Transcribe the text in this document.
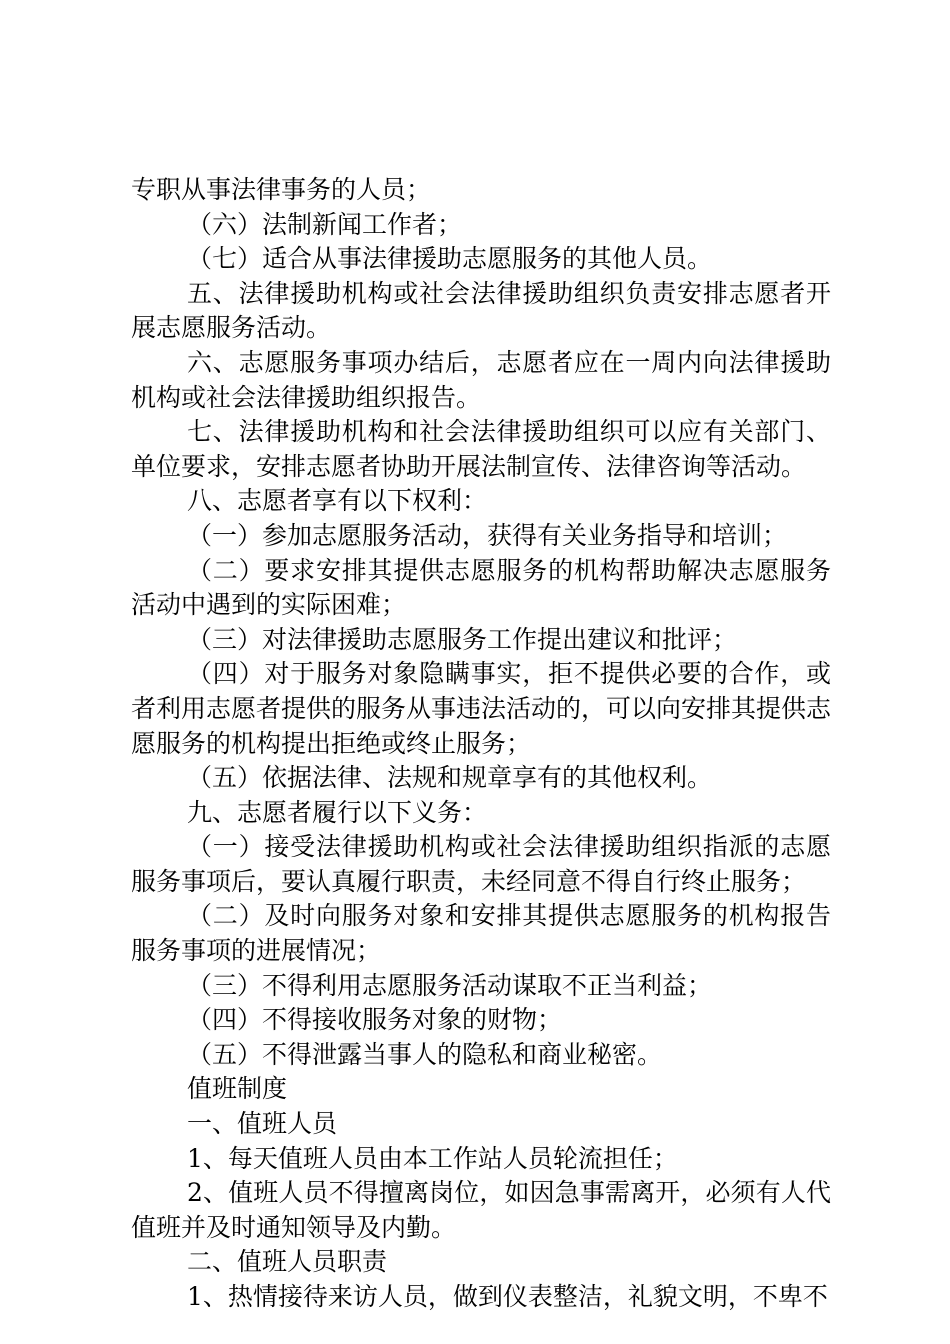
专职从事法律事务的人员；

（六）法制新闻工作者；

（七）适合从事法律援助志愿服务的其他人员。

五、法律援助机构或社会法律援助组织负责安排志愿者开展志愿服务活动。

六、志愿服务事项办结后，志愿者应在一周内向法律援助机构或社会法律援助组织报告。

七、法律援助机构和社会法律援助组织可以应有关部门、单位要求，安排志愿者协助开展法制宣传、法律咨询等活动。

八、志愿者享有以下权利：

（一）参加志愿服务活动，获得有关业务指导和培训；

（二）要求安排其提供志愿服务的机构帮助解决志愿服务活动中遇到的实际困难；

（三）对法律援助志愿服务工作提出建议和批评；

（四）对于服务对象隐瞒事实，拒不提供必要的合作，或者利用志愿者提供的服务从事违法活动的，可以向安排其提供志愿服务的机构提出拒绝或终止服务；

（五）依据法律、法规和规章享有的其他权利。

九、志愿者履行以下义务：

（一）接受法律援助机构或社会法律援助组织指派的志愿服务事项后，要认真履行职责，未经同意不得自行终止服务；

（二）及时向服务对象和安排其提供志愿服务的机构报告服务事项的进展情况；

（三）不得利用志愿服务活动谋取不正当利益；

（四）不得接收服务对象的财物；

（五）不得泄露当事人的隐私和商业秘密。

值班制度

一、值班人员

1、每天值班人员由本工作站人员轮流担任；

2、值班人员不得擅离岗位，如因急事需离开，必须有人代值班并及时通知领导及内勤。

二、值班人员职责

1、热情接待来访人员，做到仪表整洁，礼貌文明，不卑不
